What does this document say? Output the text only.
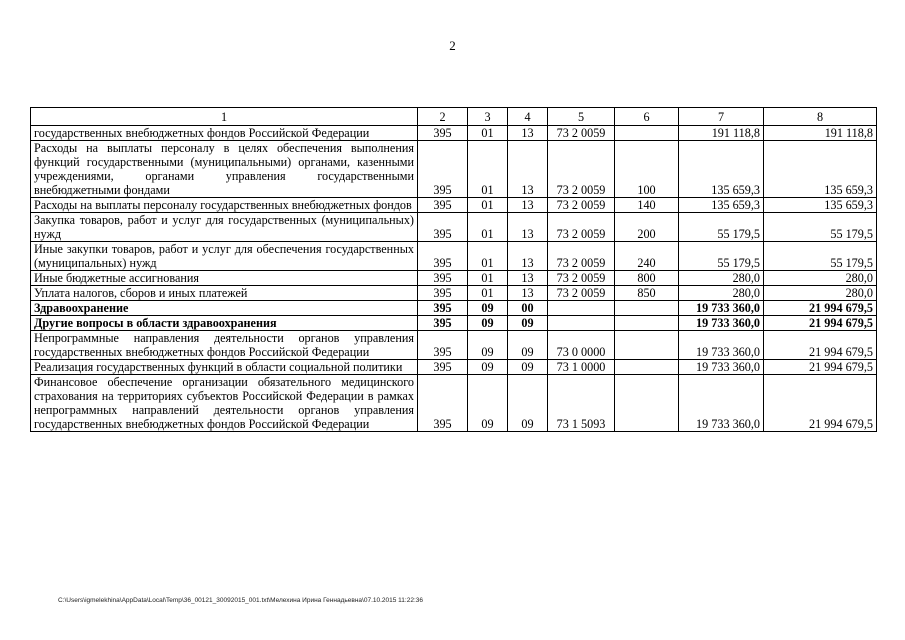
2
1	2	3	4	5	6	7	8
государственных внебюджетных фондов Российской Федерации	395	01	13	73 2 0059		191 118,8	191 118,8
Расходы на выплаты персоналу в целях обеспечения выполнения функций государственными (муниципальными) органами, казенными учреждениями, органами управления государственными внебюджетными фондами	395	01	13	73 2 0059	100	135 659,3	135 659,3
Расходы на выплаты персоналу государственных внебюджетных фондов	395	01	13	73 2 0059	140	135 659,3	135 659,3
Закупка товаров, работ и услуг для государственных (муниципальных) нужд	395	01	13	73 2 0059	200	55 179,5	55 179,5
Иные закупки товаров, работ и услуг для обеспечения государственных (муниципальных) нужд	395	01	13	73 2 0059	240	55 179,5	55 179,5
Иные бюджетные ассигнования	395	01	13	73 2 0059	800	280,0	280,0
Уплата налогов, сборов и иных платежей	395	01	13	73 2 0059	850	280,0	280,0
Здравоохранение	395	09	00			19 733 360,0	21 994 679,5
Другие вопросы в области здравоохранения	395	09	09			19 733 360,0	21 994 679,5
Непрограммные направления деятельности органов управления государственных внебюджетных фондов Российской Федерации	395	09	09	73 0 0000		19 733 360,0	21 994 679,5
Реализация государственных функций в области социальной политики	395	09	09	73 1 0000		19 733 360,0	21 994 679,5
Финансовое обеспечение организации обязательного медицинского страхования на территориях субъектов Российской Федерации в рамках непрограммных направлений деятельности органов управления государственных внебюджетных фондов Российской Федерации	395	09	09	73 1 5093		19 733 360,0	21 994 679,5
C:\Users\igmelekhina\AppData\Local\Temp\36_00121_30092015_001.txt\Мелехина Ирина Геннадьевна\07.10.2015 11:22:36
